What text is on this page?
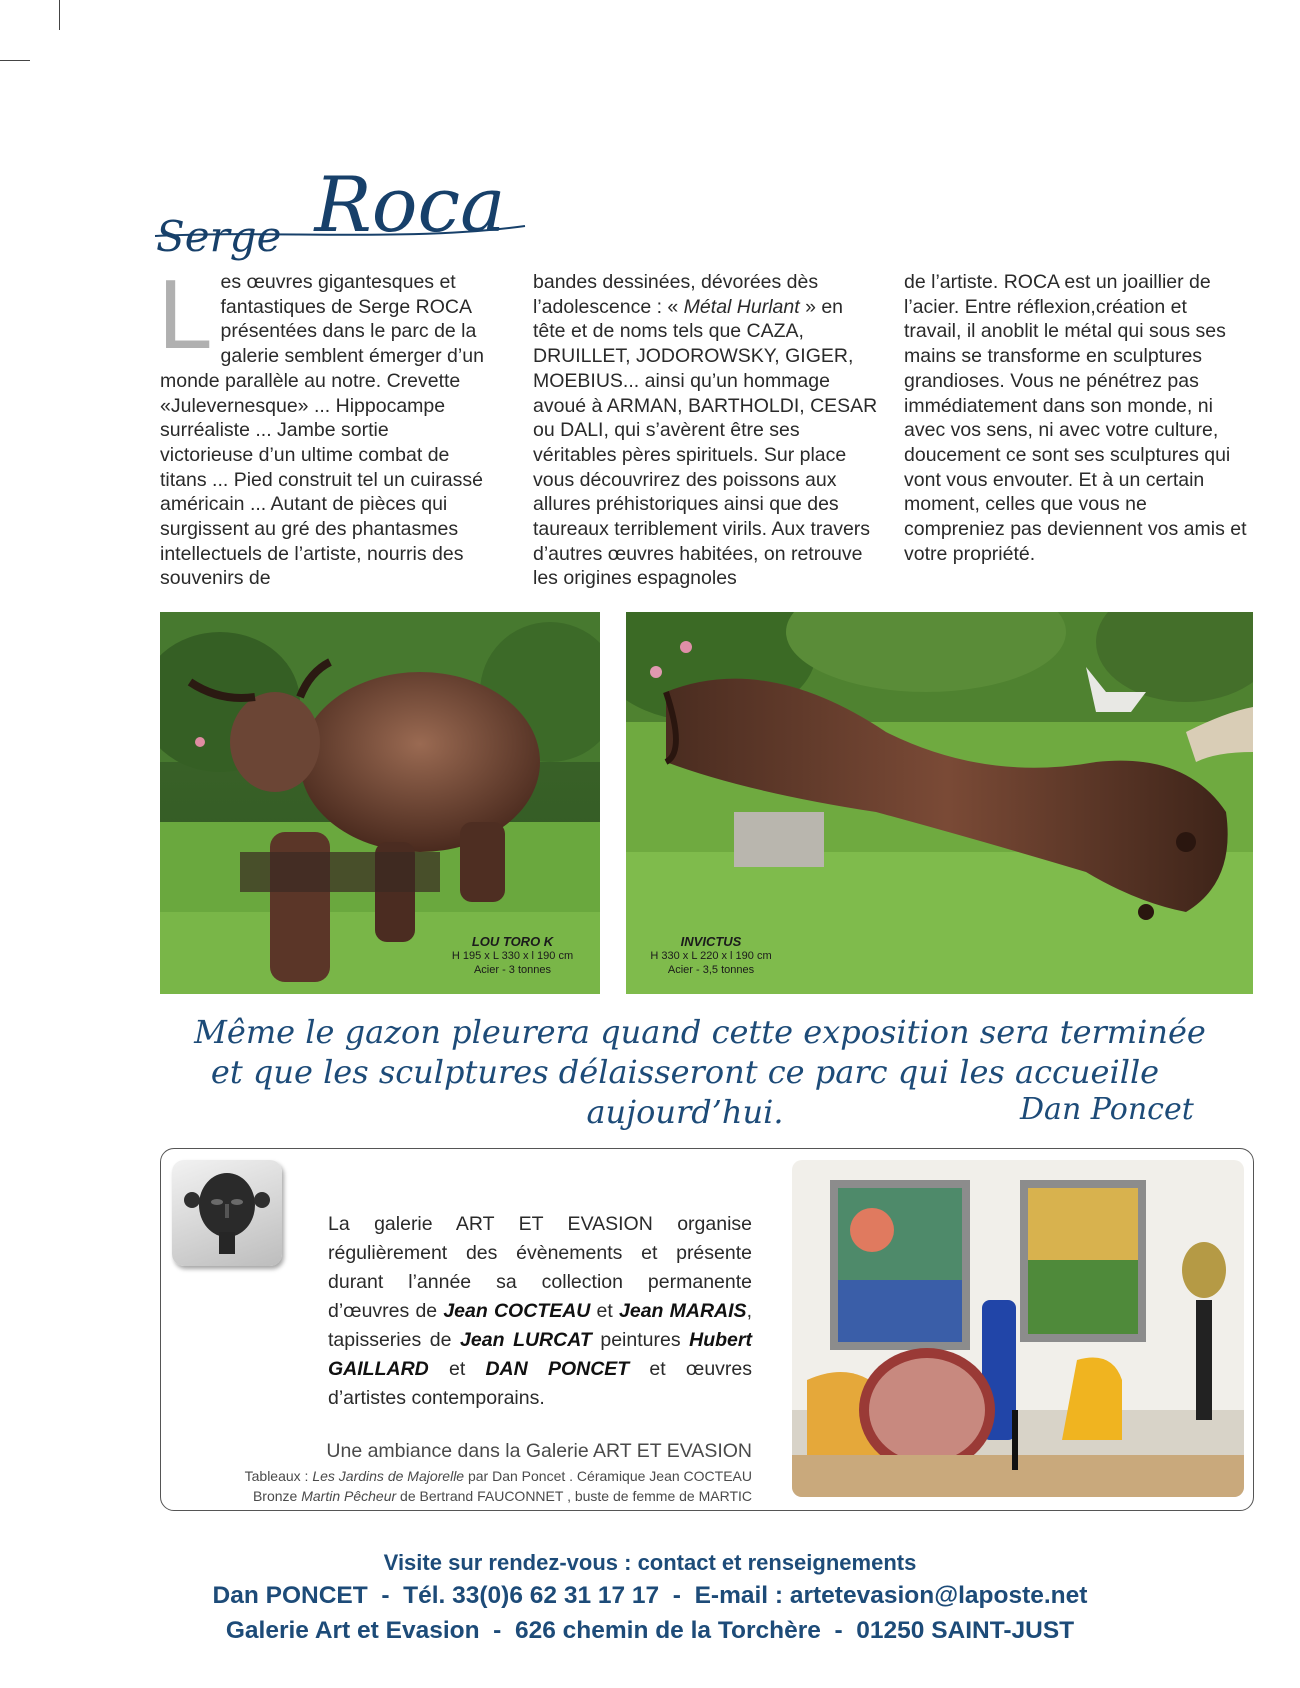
Serge Roca
L es œuvres gigantesques et fantastiques de Serge ROCA présentées dans le parc de la galerie semblent émerger d’un monde parallèle au notre. Crevette «Julevernesque» ... Hippocampe surréaliste ... Jambe sortie victorieuse d’un ultime combat de titans ... Pied construit tel un cuirassé américain ... Autant de pièces qui surgissent au gré des phantasmes intellectuels de l’artiste, nourris des souvenirs de
bandes dessinées, dévorées dès l’adolescence : « Métal Hurlant » en tête et de noms tels que CAZA, DRUILLET, JODOROWSKY, GIGER, MOEBIUS... ainsi qu’un hommage avoué à ARMAN, BARTHOLDI, CESAR ou DALI, qui s’avèrent être ses véritables pères spirituels. Sur place vous découvrirez des poissons aux allures préhistoriques ainsi que des taureaux terriblement virils. Aux travers d’autres œuvres habitées, on retrouve les origines espagnoles
de l’artiste. ROCA est un joaillier de l’acier. Entre réflexion,création et travail, il anoblit le métal qui sous ses mains se transforme en sculptures grandioses. Vous ne pénétrez pas immédiatement dans son monde, ni avec vos sens, ni avec votre culture, doucement ce sont ses sculptures qui vont vous envouter. Et à un certain moment, celles que vous ne compreniez pas deviennent vos amis et votre propriété.
LOU TORO K
H 195 x L 330 x l 190 cm
Acier - 3 tonnes
INVICTUS
H 330 x L 220 x l 190 cm
Acier - 3,5 tonnes
Même le gazon pleurera quand cette exposition sera terminée
et que les sculptures délaisseront ce parc qui les accueille aujourd’hui.	Dan Poncet
La galerie ART ET EVASION organise régulièrement des évènements et présente durant l’année sa collection permanente d’œuvres de Jean COCTEAU et Jean MARAIS, tapisseries de Jean LURCAT peintures Hubert GAILLARD et DAN PONCET et œuvres d’artistes contemporains.
Une ambiance dans la Galerie ART ET EVASION
Tableaux : Les Jardins de Majorelle par Dan Poncet . Céramique Jean COCTEAU
Bronze Martin Pêcheur de Bertrand FAUCONNET , buste de femme de MARTIC
Visite sur rendez-vous : contact et renseignements
Dan PONCET  -  Tél. 33(0)6 62 31 17 17  -  E-mail : artetevasion@laposte.net
Galerie Art et Evasion  -  626 chemin de la Torchère  -  01250 SAINT-JUST
